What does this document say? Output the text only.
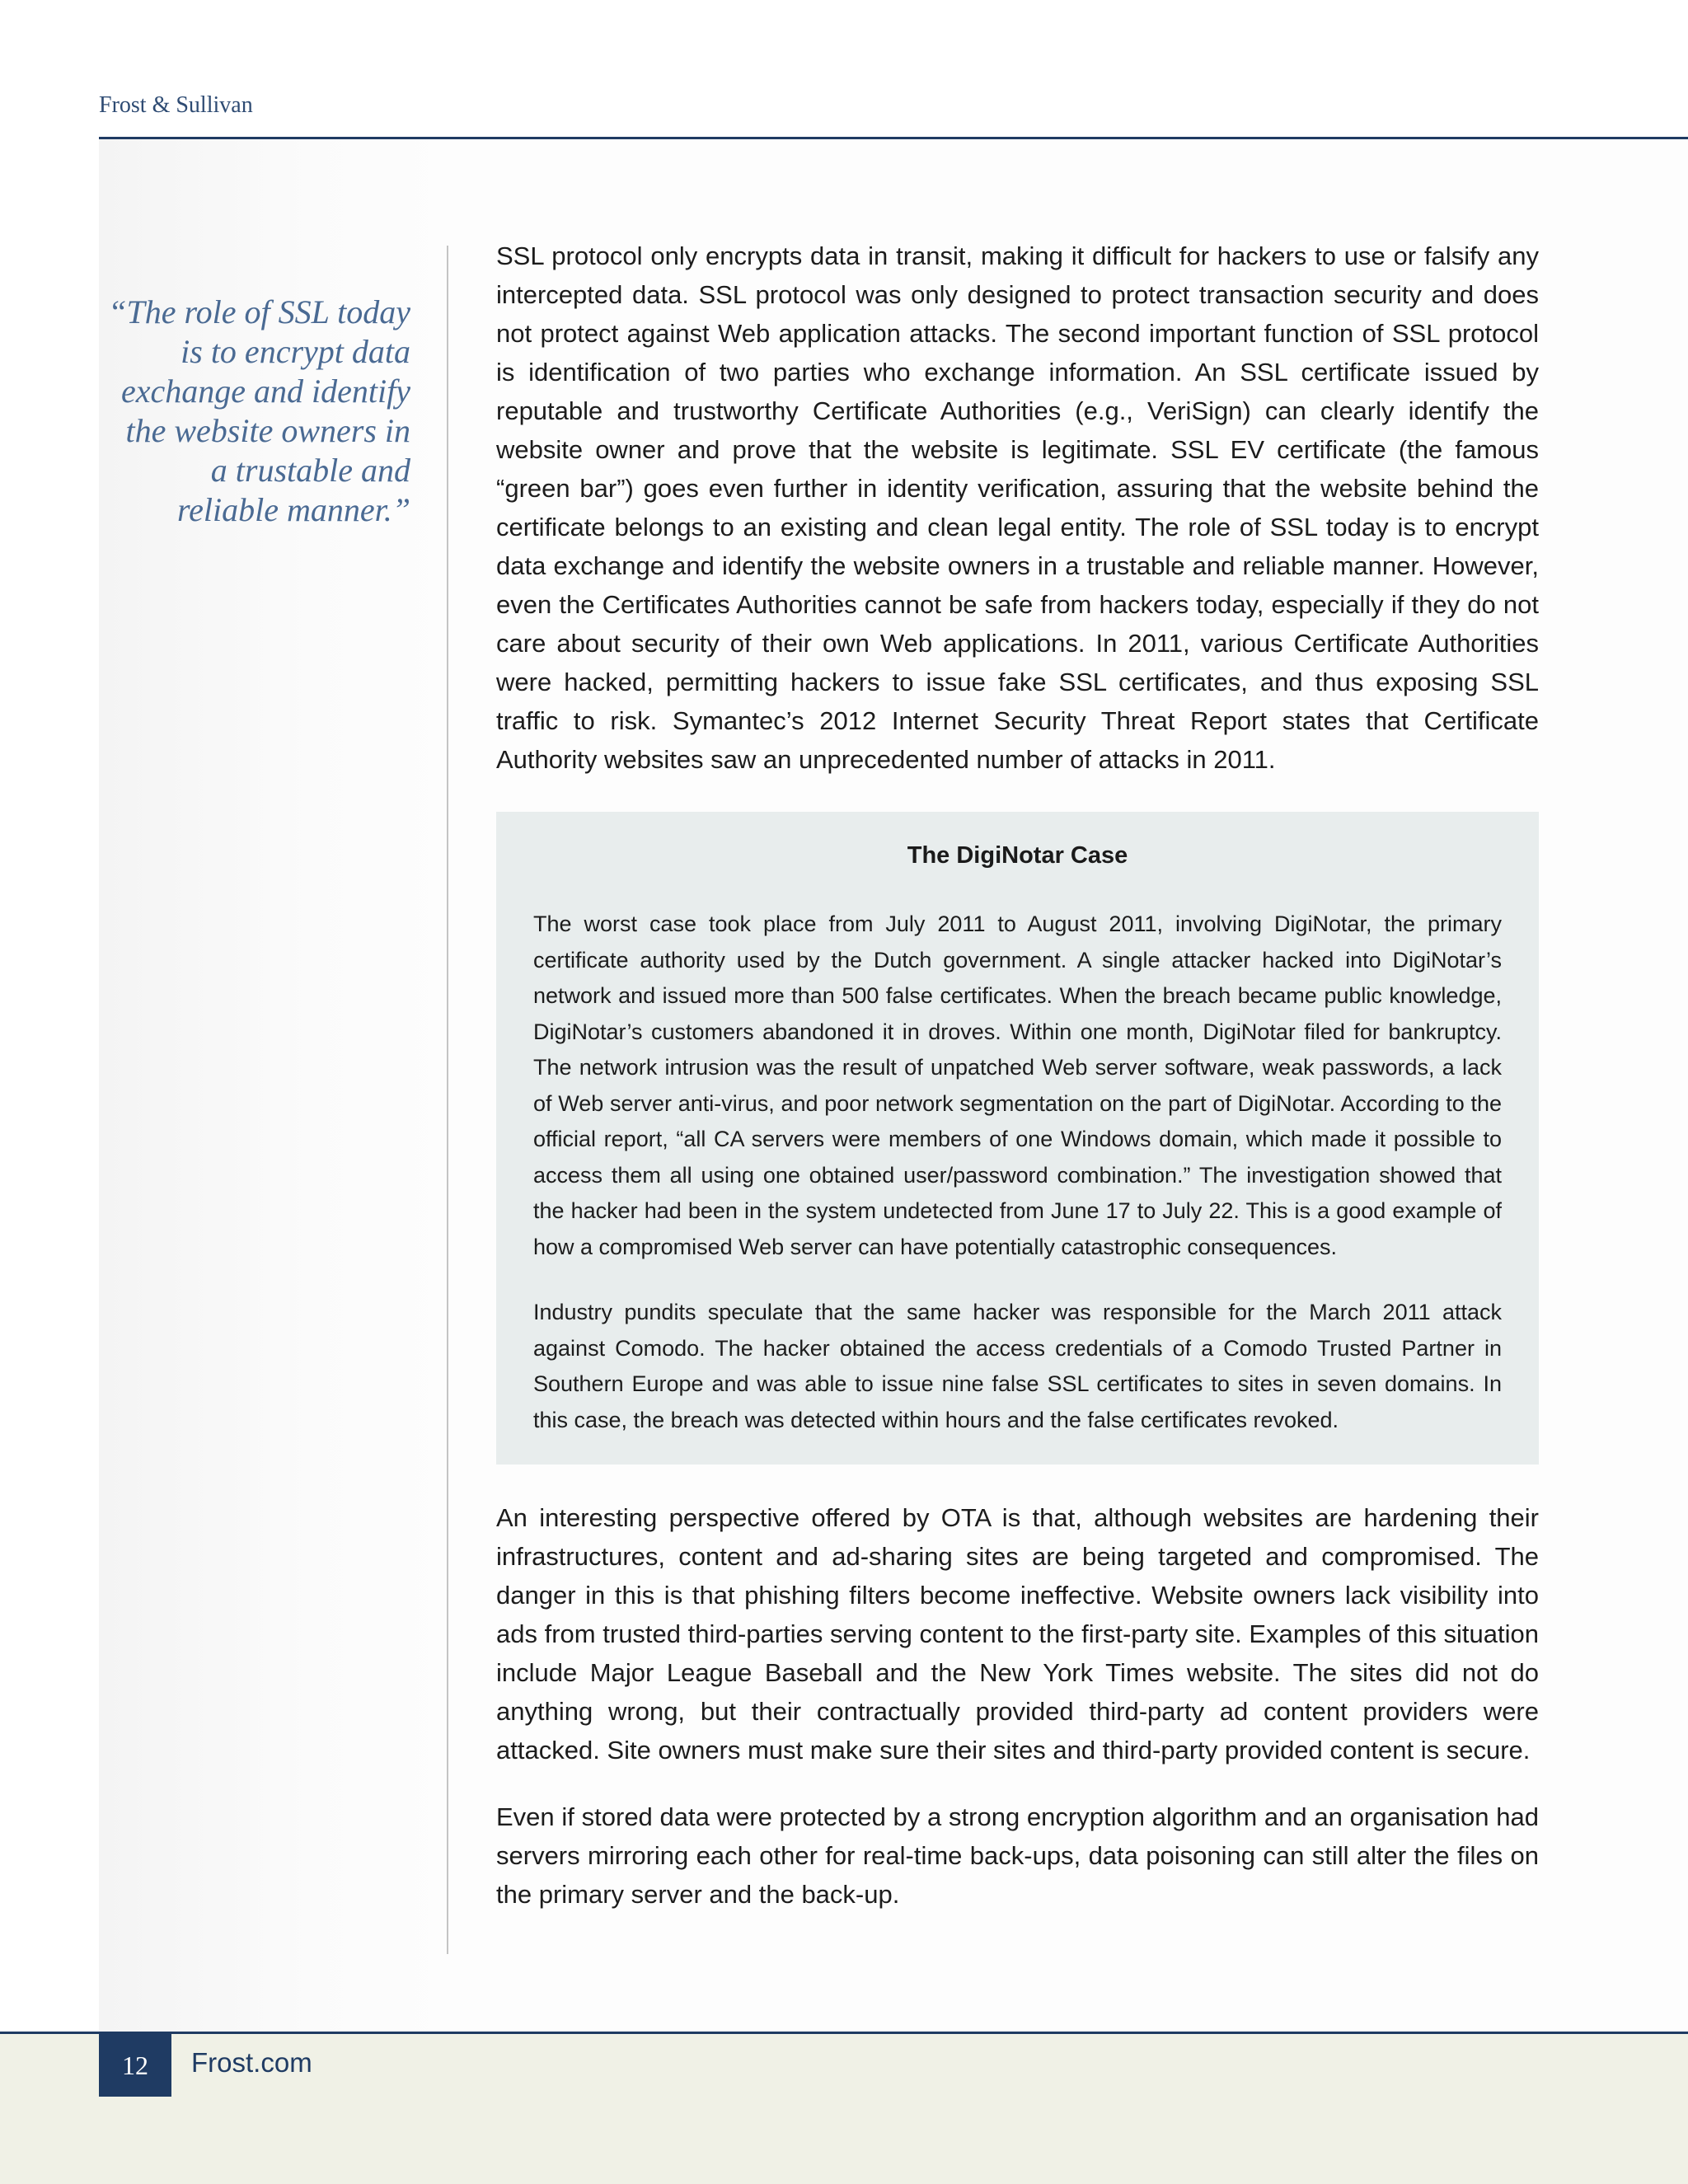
Frost & Sullivan

“The role of SSL today is to encrypt data exchange and identify the website owners in a trustable and reliable manner.”

SSL protocol only encrypts data in transit, making it difficult for hackers to use or falsify any intercepted data. SSL protocol was only designed to protect transaction security and does not protect against Web application attacks. The second important function of SSL protocol is identification of two parties who exchange information. An SSL certificate issued by reputable and trustworthy Certificate Authorities (e.g., VeriSign) can clearly identify the website owner and prove that the website is legitimate. SSL EV certificate (the famous “green bar”) goes even further in identity verification, assuring that the website behind the certificate belongs to an existing and clean legal entity. The role of SSL today is to encrypt data exchange and identify the website owners in a trustable and reliable manner. However, even the Certificates Authorities cannot be safe from hackers today, especially if they do not care about security of their own Web applications. In 2011, various Certificate Authorities were hacked, permitting hackers to issue fake SSL certificates, and thus exposing SSL traffic to risk. Symantec’s 2012 Internet Security Threat Report states that Certificate Authority websites saw an unprecedented number of attacks in 2011.

The DigiNotar Case

The worst case took place from July 2011 to August 2011, involving DigiNotar, the primary certificate authority used by the Dutch government. A single attacker hacked into DigiNotar’s network and issued more than 500 false certificates. When the breach became public knowledge, DigiNotar’s customers abandoned it in droves. Within one month, DigiNotar filed for bankruptcy. The network intrusion was the result of unpatched Web server software, weak passwords, a lack of Web server anti-virus, and poor network segmentation on the part of DigiNotar. According to the official report, “all CA servers were members of one Windows domain, which made it possible to access them all using one obtained user/password combination.” The investigation showed that the hacker had been in the system undetected from June 17 to July 22. This is a good example of how a compromised Web server can have potentially catastrophic consequences.

Industry pundits speculate that the same hacker was responsible for the March 2011 attack against Comodo. The hacker obtained the access credentials of a Comodo Trusted Partner in Southern Europe and was able to issue nine false SSL certificates to sites in seven domains. In this case, the breach was detected within hours and the false certificates revoked.

An interesting perspective offered by OTA is that, although websites are hardening their infrastructures, content and ad-sharing sites are being targeted and compromised. The danger in this is that phishing filters become ineffective. Website owners lack visibility into ads from trusted third-parties serving content to the first-party site. Examples of this situation include Major League Baseball and the New York Times website. The sites did not do anything wrong, but their contractually provided third-party ad content providers were attacked. Site owners must make sure their sites and third-party provided content is secure.

Even if stored data were protected by a strong encryption algorithm and an organisation had servers mirroring each other for real-time back-ups, data poisoning can still alter the files on the primary server and the back-up.

12	Frost.com
